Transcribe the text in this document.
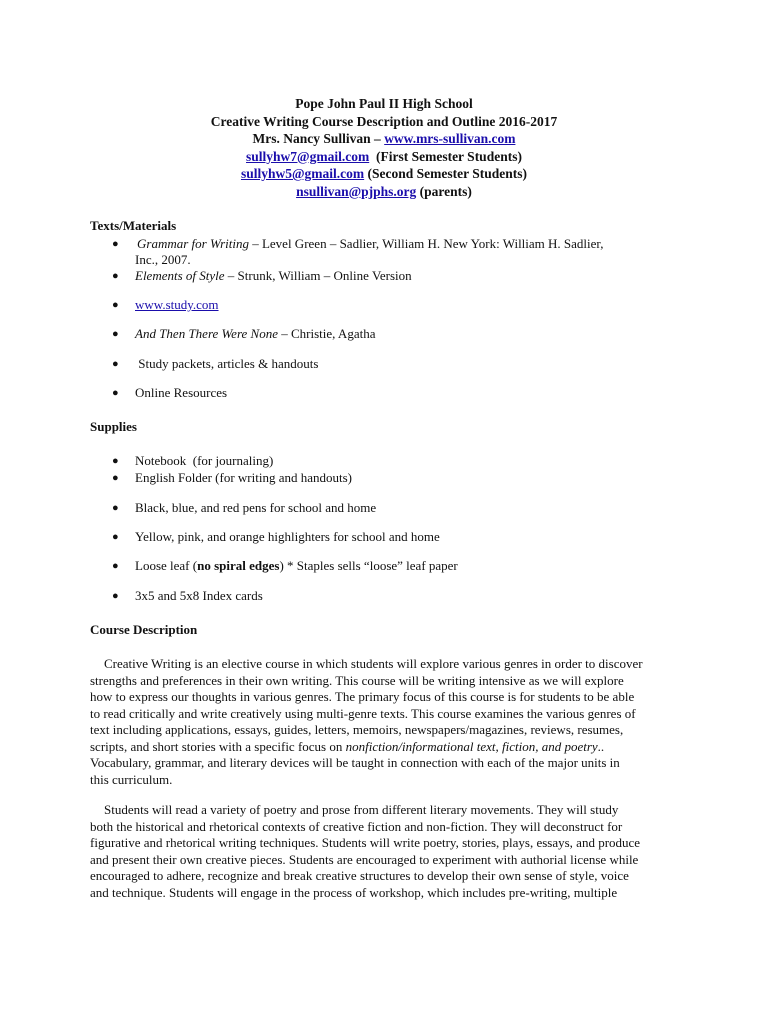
Pope John Paul II High School
Creative Writing Course Description and Outline 2016-2017
Mrs. Nancy Sullivan – www.mrs-sullivan.com
sullyhw7@gmail.com  (First Semester Students)
sullyhw5@gmail.com (Second Semester Students)
nsullivan@pjphs.org (parents)
Texts/Materials
● Grammar for Writing – Level Green – Sadlier, William H. New York: William H. Sadlier,
Inc., 2007.
● Elements of Style – Strunk, William – Online Version
● www.study.com
● And Then There Were None – Christie, Agatha
● Study packets, articles & handouts
● Online Resources
Supplies
● Notebook  (for journaling)
● English Folder (for writing and handouts)
● Black, blue, and red pens for school and home
● Yellow, pink, and orange highlighters for school and home
● Loose leaf (no spiral edges) * Staples sells “loose” leaf paper
● 3x5 and 5x8 Index cards
Course Description
Creative Writing is an elective course in which students will explore various genres in order to discover
strengths and preferences in their own writing. This course will be writing intensive as we will explore
how to express our thoughts in various genres. The primary focus of this course is for students to be able
to read critically and write creatively using multi-genre texts. This course examines the various genres of
text including applications, essays, guides, letters, memoirs, newspapers/magazines, reviews, resumes,
scripts, and short stories with a specific focus on nonfiction/informational text, fiction, and poetry..
Vocabulary, grammar, and literary devices will be taught in connection with each of the major units in
this curriculum.
Students will read a variety of poetry and prose from different literary movements. They will study
both the historical and rhetorical contexts of creative fiction and non-fiction. They will deconstruct for
figurative and rhetorical writing techniques. Students will write poetry, stories, plays, essays, and produce
and present their own creative pieces. Students are encouraged to experiment with authorial license while
encouraged to adhere, recognize and break creative structures to develop their own sense of style, voice
and technique. Students will engage in the process of workshop, which includes pre-writing, multiple
